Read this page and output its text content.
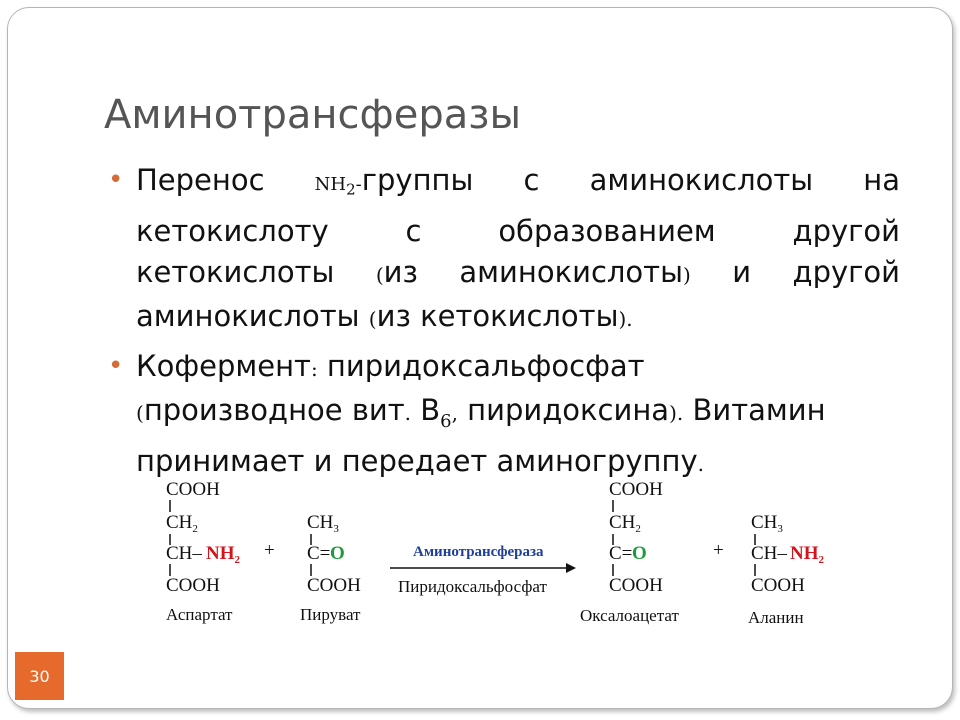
Аминотрансферазы
• Перенос $NH_2$-группы с аминокислоты на кетокислоту с образованием другой кетокислоты (из аминокислоты) и другой аминокислоты (из кетокислоты).
• Кофермент: пиридоксальфосфат
(производное вит. $В_6$, пиридоксина). Витамин принимает и передает аминогруппу.
COOH
$CH_2$
CH– $NH_2$
COOH
Аспартат
+
$CH_3$
C= O
COOH
Пируват
Аминотрансфераза
Пиридоксальфосфат
COOH
$CH_2$
C= O
COOH
Оксалоацетат
+
$CH_3$
CH– $NH_2$
COOH
Аланин
30
